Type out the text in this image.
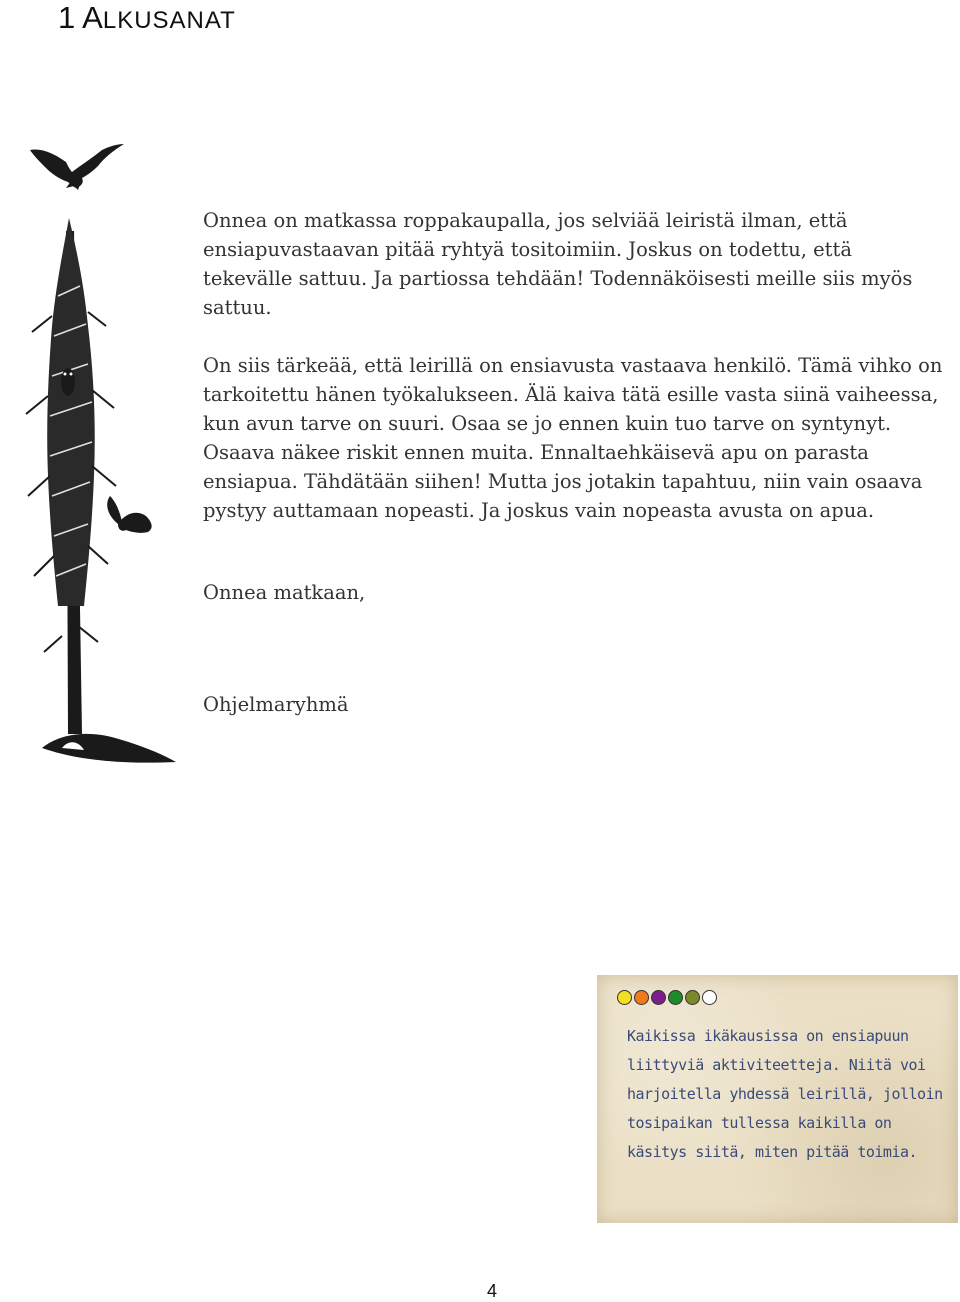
1 ALKUSANAT

Onnea on matkassa roppakaupalla, jos selviää leiristä ilman, että ensiapuvastaavan pitää ryhtyä tositoimiin. Joskus on todettu, että tekevälle sattuu. Ja partiossa tehdään! Todennäköisesti meille siis myös sattuu.

On siis tärkeää, että leirillä on ensiavusta vastaava henkilö. Tämä vihko on tarkoitettu hänen työkalukseen. Älä kaiva tätä esille vasta siinä vaiheessa, kun avun tarve on suuri. Osaa se jo ennen kuin tuo tarve on syntynyt. Osaava näkee riskit ennen muita. Ennaltaehkäisevä apu on parasta ensiapua. Tähdätään siihen! Mutta jos jotakin tapahtuu, niin vain osaava pystyy auttamaan nopeasti. Ja joskus vain nopeasta avusta on apua.

Onnea matkaan,
Ohjelmaryhmä
Kaikissa ikäkausissa on ensiapuun liittyviä aktiviteetteja. Niitä voi harjoitella yhdessä leirillä, jolloin tosipaikan tullessa kaikilla on käsitys siitä, miten pitää toimia.
4
